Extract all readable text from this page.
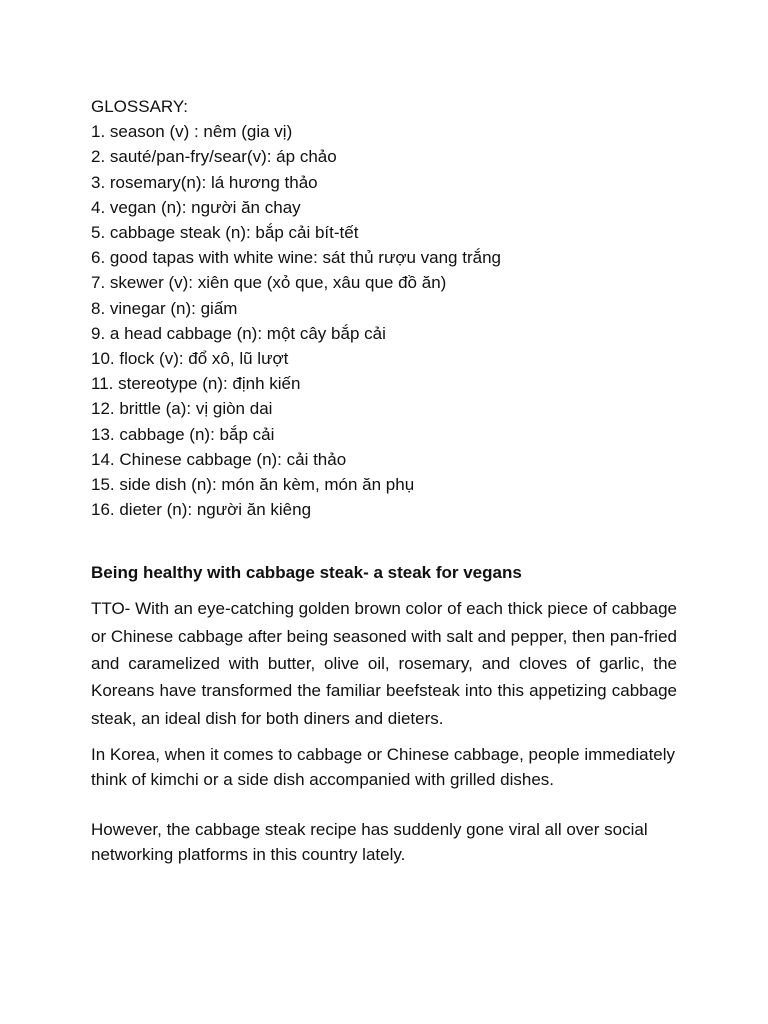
GLOSSARY:

1. season (v) : nêm (gia vị)

2. sauté/pan-fry/sear(v): áp chảo

3. rosemary(n): lá hương thảo

4. vegan (n): người ăn chay

5. cabbage steak (n): bắp cải bít-tết

6. good tapas with white wine: sát thủ rượu vang trắng

7. skewer (v): xiên que (xỏ que, xâu que đồ ăn)

8. vinegar (n): giấm

9. a head cabbage (n): một cây bắp cải

10. flock (v): đổ xô, lũ lượt

11. stereotype (n): định kiến

12. brittle (a): vị giòn dai

13. cabbage (n): bắp cải

14. Chinese cabbage (n): cải thảo

15. side dish (n): món ăn kèm, món ăn phụ

16. dieter (n): người ăn kiêng

Being healthy with cabbage steak- a steak for vegans

TTO- With an eye-catching golden brown color of each thick piece of cabbage or Chinese cabbage after being seasoned with salt and pepper, then pan-fried and caramelized with butter, olive oil, rosemary, and cloves of garlic, the Koreans have transformed the familiar beefsteak into this appetizing cabbage steak, an ideal dish for both diners and dieters.

In Korea, when it comes to cabbage or Chinese cabbage, people immediately think of kimchi or a side dish accompanied with grilled dishes.

However, the cabbage steak recipe has suddenly gone viral all over social networking platforms in this country lately.
